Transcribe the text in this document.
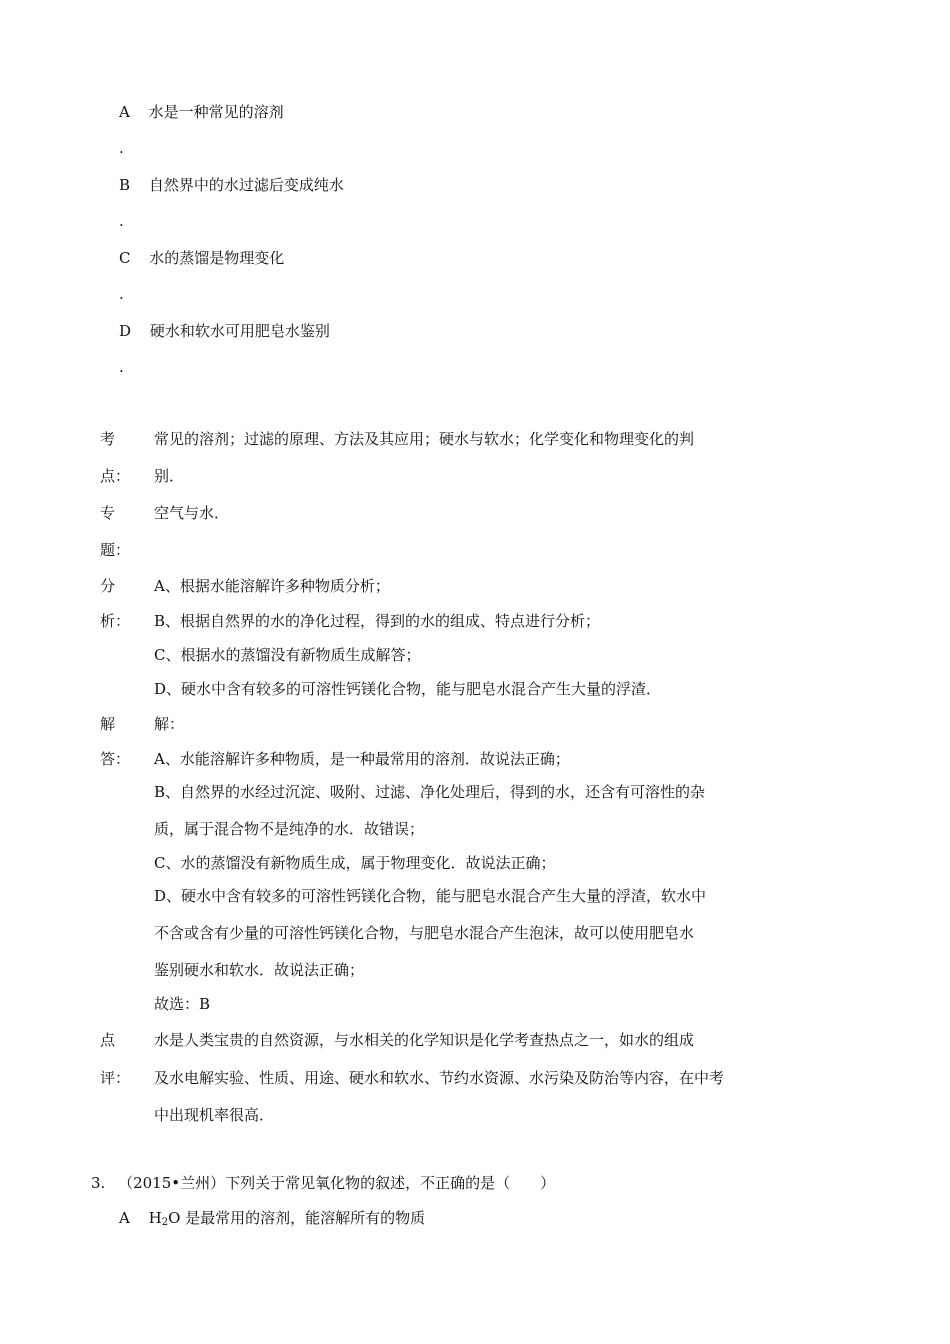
A 水是一种常见的溶剂
.
B 自然界中的水过滤后变成纯水
.
C 水的蒸馏是物理变化
.
D 硬水和软水可用肥皂水鉴别
.
考
点：
常见的溶剂；过滤的原理、方法及其应用；硬水与软水；化学变化和物理变化的判
别．
专
题：
空气与水．
分
析：
A、根据水能溶解许多种物质分析；
B、根据自然界的水的净化过程，得到的水的组成、特点进行分析；
C、根据水的蒸馏没有新物质生成解答；
D、硬水中含有较多的可溶性钙镁化合物，能与肥皂水混合产生大量的浮渣．
解
答：
解：
A、水能溶解许多种物质，是一种最常用的溶剂．故说法正确；
B、自然界的水经过沉淀、吸附、过滤、净化处理后，得到的水，还含有可溶性的杂
质，属于混合物不是纯净的水．故错误；
C、水的蒸馏没有新物质生成，属于物理变化．故说法正确；
D、硬水中含有较多的可溶性钙镁化合物，能与肥皂水混合产生大量的浮渣，软水中
不含或含有少量的可溶性钙镁化合物，与肥皂水混合产生泡沫，故可以使用肥皂水
鉴别硬水和软水．故说法正确；
故选：B
点
评：
水是人类宝贵的自然资源，与水相关的化学知识是化学考查热点之一，如水的组成
及水电解实验、性质、用途、硬水和软水、节约水资源、水污染及防治等内容，在中考
中出现机率很高．
3. （2015•兰州）下列关于常见氧化物的叙述，不正确的是（　　）
A $H_2O$ 是最常用的溶剂，能溶解所有的物质
